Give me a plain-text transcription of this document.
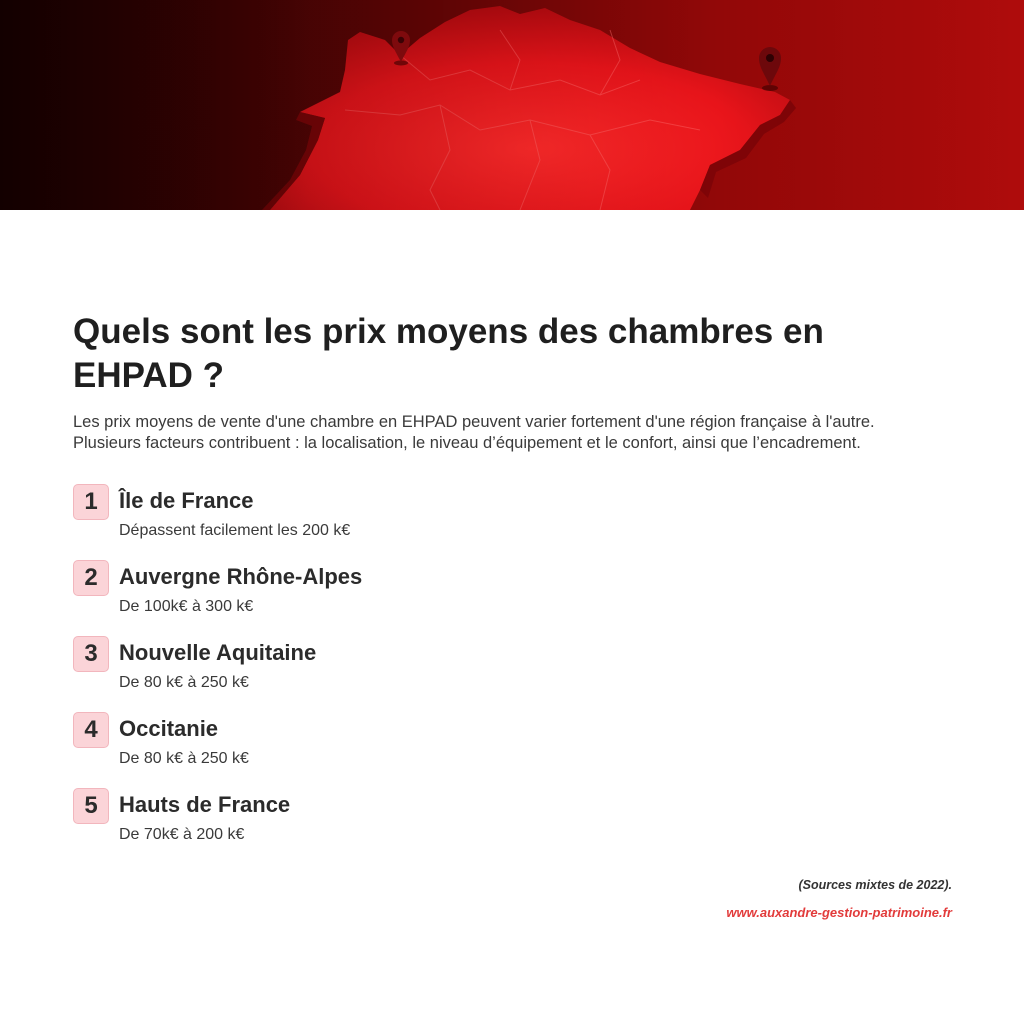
Quels sont les prix moyens des chambres en EHPAD ?

Les prix moyens de vente d'une chambre en EHPAD peuvent varier fortement d'une région française à l'autre. Plusieurs facteurs contribuent : la localisation, le niveau d’équipement et le confort, ainsi que l’encadrement.

1 Île de France
Dépassent facilement les 200 k€
2 Auvergne Rhône-Alpes
De 100k€ à 300 k€
3 Nouvelle Aquitaine
De 80 k€ à 250 k€
4 Occitanie
De 80 k€ à 250 k€
5 Hauts de France
De 70k€ à 200 k€
(Sources mixtes de 2022).
www.auxandre-gestion-patrimoine.fr
